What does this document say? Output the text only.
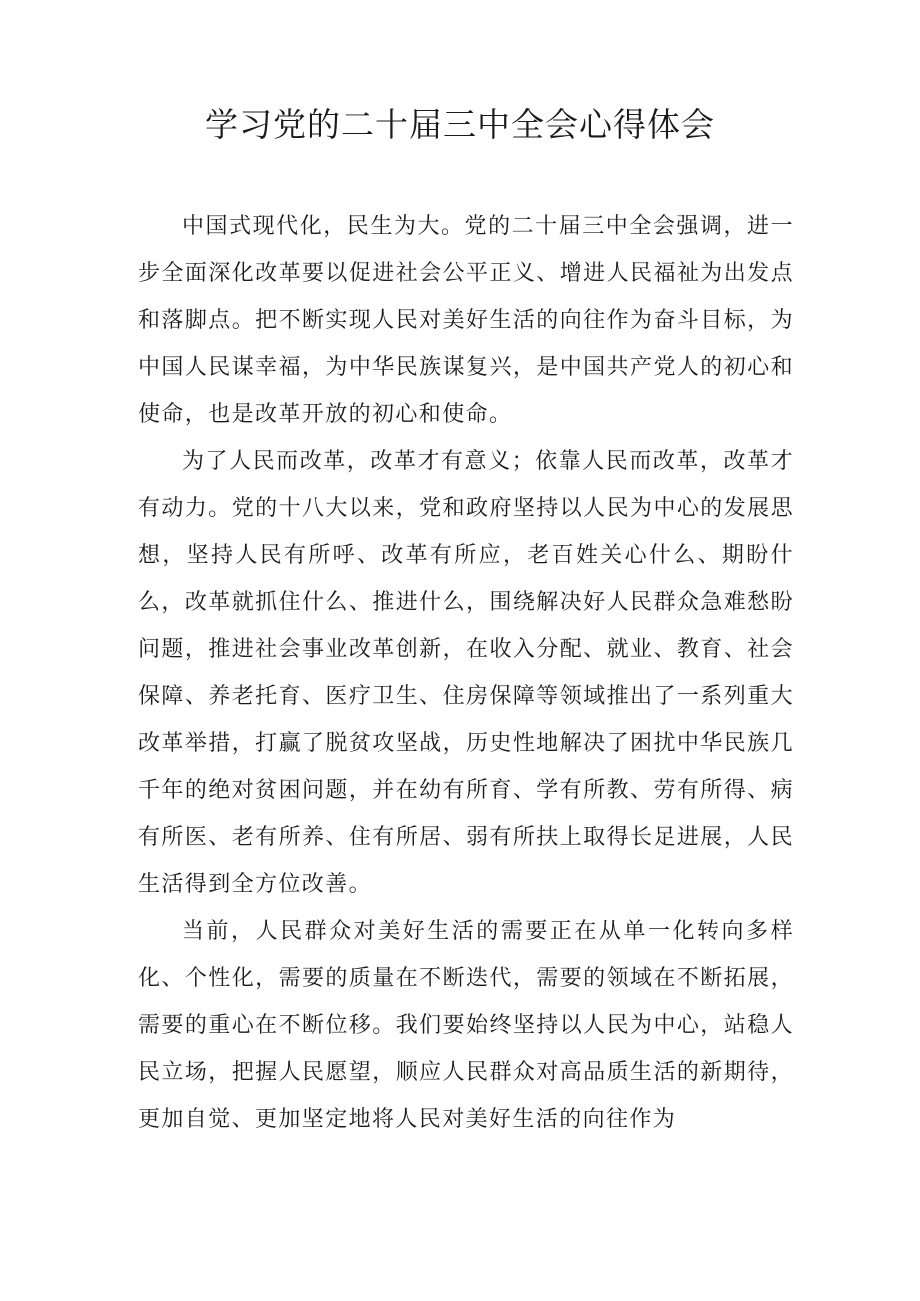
学习党的二十届三中全会心得体会

中国式现代化，民生为大。党的二十届三中全会强调，进一步全面深化改革要以促进社会公平正义、增进人民福祉为出发点和落脚点。把不断实现人民对美好生活的向往作为奋斗目标，为中国人民谋幸福，为中华民族谋复兴，是中国共产党人的初心和使命，也是改革开放的初心和使命。

为了人民而改革，改革才有意义；依靠人民而改革，改革才有动力。党的十八大以来，党和政府坚持以人民为中心的发展思想，坚持人民有所呼、改革有所应，老百姓关心什么、期盼什么，改革就抓住什么、推进什么，围绕解决好人民群众急难愁盼问题，推进社会事业改革创新，在收入分配、就业、教育、社会保障、养老托育、医疗卫生、住房保障等领域推出了一系列重大改革举措，打赢了脱贫攻坚战，历史性地解决了困扰中华民族几千年的绝对贫困问题，并在幼有所育、学有所教、劳有所得、病有所医、老有所养、住有所居、弱有所扶上取得长足进展，人民生活得到全方位改善。

当前，人民群众对美好生活的需要正在从单一化转向多样化、个性化，需要的质量在不断迭代，需要的领域在不断拓展，需要的重心在不断位移。我们要始终坚持以人民为中心，站稳人民立场，把握人民愿望，顺应人民群众对高品质生活的新期待，更加自觉、更加坚定地将人民对美好生活的向往作为
